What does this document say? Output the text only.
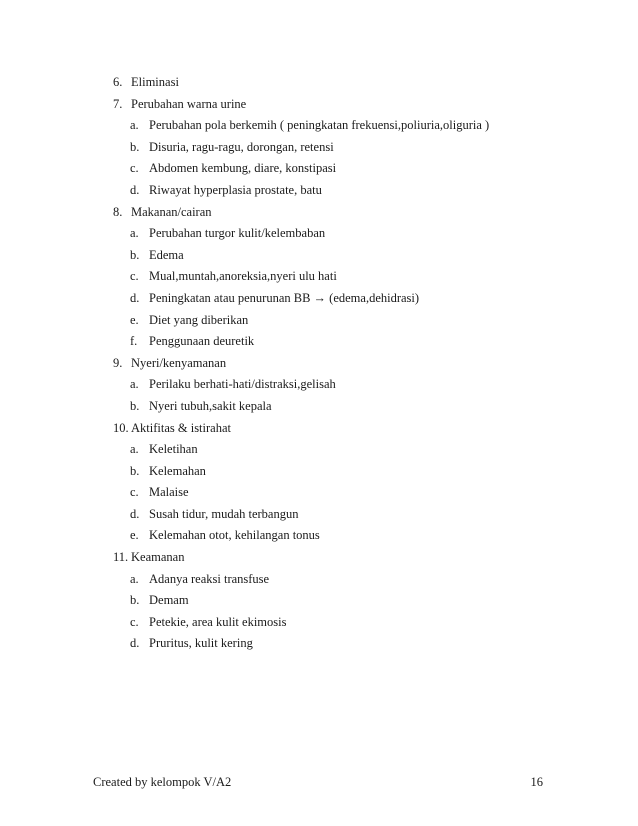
6. Eliminasi
7. Perubahan warna urine
a. Perubahan pola berkemih ( peningkatan frekuensi,poliuria,oliguria )
b. Disuria, ragu-ragu, dorongan, retensi
c. Abdomen kembung, diare, konstipasi
d. Riwayat hyperplasia prostate, batu
8. Makanan/cairan
a. Perubahan turgor kulit/kelembaban
b. Edema
c. Mual,muntah,anoreksia,nyeri ulu hati
d. Peningkatan atau penurunan BB → (edema,dehidrasi)
e. Diet yang diberikan
f. Penggunaan deuretik
9. Nyeri/kenyamanan
a. Perilaku berhati-hati/distraksi,gelisah
b. Nyeri tubuh,sakit kepala
10. Aktifitas & istirahat
a. Keletihan
b. Kelemahan
c. Malaise
d. Susah tidur, mudah terbangun
e. Kelemahan otot, kehilangan tonus
11. Keamanan
a. Adanya reaksi transfuse
b. Demam
c. Petekie, area kulit ekimosis
d. Pruritus, kulit kering
Created by kelompok V/A2	16
